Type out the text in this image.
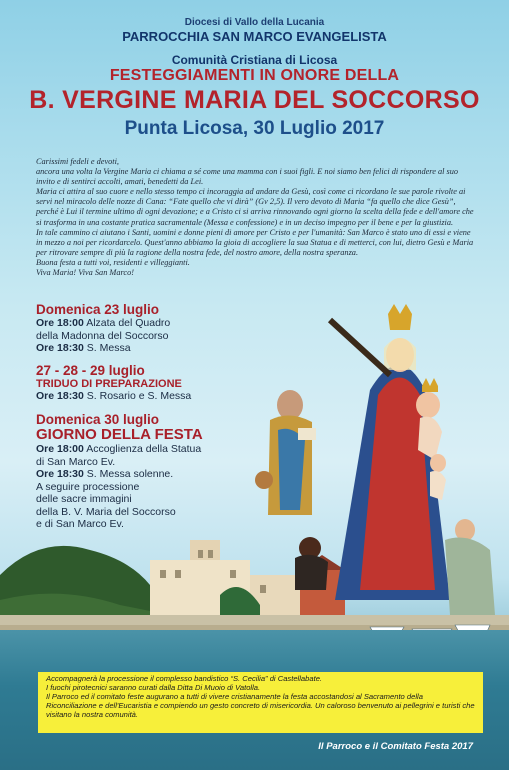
Diocesi di Vallo della Lucania
PARROCCHIA SAN MARCO EVANGELISTA
Comunità Cristiana di Licosa
FESTEGGIAMENTI IN ONORE DELLA
B. VERGINE MARIA DEL SOCCORSO
Punta Licosa, 30 Luglio 2017

Carissimi fedeli e devoti,

ancora una volta la Vergine Maria ci chiama a sé come una mamma con i suoi figli. E noi siamo ben felici di rispondere al suo invito e di sentirci accolti, amati, benedetti da Lei.

Maria ci attira al suo cuore e nello stesso tempo ci incoraggia ad andare da Gesù, così come ci ricordano le sue parole rivolte ai servi nel miracolo delle nozze di Cana: “Fate quello che vi dirà” (Gv 2,5). Il vero devoto di Maria “fa quello che dice Gesù”, perché è Lui il termine ultimo di ogni devozione; e a Cristo ci si arriva rinnovando ogni giorno la scelta della fede e dell'amore che si trasforma in una costante pratica sacramentale (Messa e confessione) e in un deciso impegno per il bene e per la giustizia.

In tale cammino ci aiutano i Santi, uomini e donne pieni di amore per Cristo e per l'umanità: San Marco è stato uno di essi e viene in mezzo a noi per ricordarcelo. Quest'anno abbiamo la gioia di accogliere la sua Statua e di metterci, con lui, dietro Gesù e Maria per ritrovare sempre di più la ragione della nostra fede, del nostro amore, della nostra speranza.

Buona festa a tutti voi, residenti e villeggianti.

Viva Maria! Viva San Marco!

Domenica 23 luglio
Ore 18:00 Alzata del Quadro
della Madonna del Soccorso
Ore 18:30 S. Messa
27 - 28 - 29 luglio
TRIDUO DI PREPARAZIONE
Ore 18:30 S. Rosario e S. Messa
Domenica 30 luglio
GIORNO DELLA FESTA
Ore 18:00 Accoglienza della Statua
di San Marco Ev.
Ore 18:30 S. Messa solenne.
A seguire processione
delle sacre immagini
della B. V. Maria del Soccorso
e di San Marco Ev.

Accompagnerà la processione il complesso bandistico “S. Cecilia” di Castellabate.

I fuochi pirotecnici saranno curati dalla Ditta Di Muoio di Vatolla.

Il Parroco ed il comitato feste augurano a tutti di vivere cristianamente la festa accostandosi al Sacramento della Riconciliazione e dell'Eucaristia e compiendo un gesto concreto di misericordia. Un caloroso benvenuto ai pellegrini e turisti che visitano la nostra comunità.

Il Parroco e il Comitato Festa 2017
